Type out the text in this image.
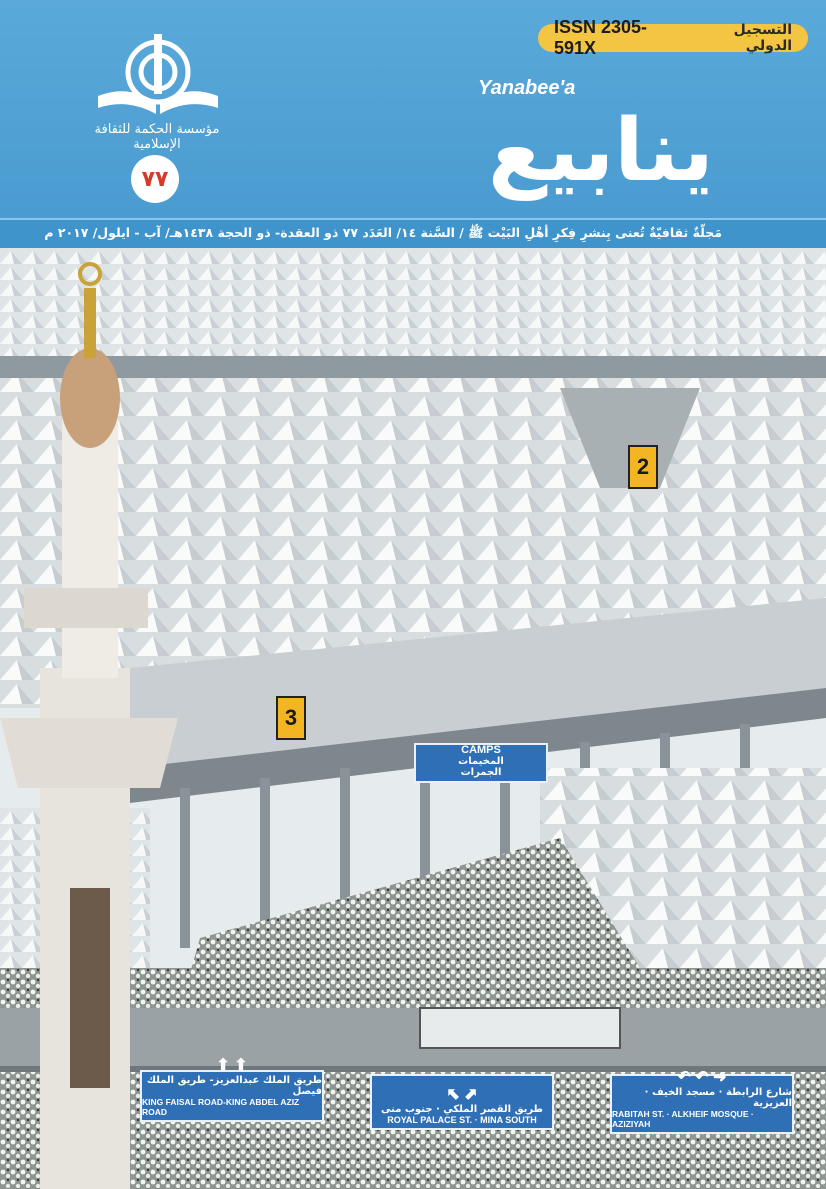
التسجيل الدولي
ISSN 2305-591X
مؤسسة الحكمة للثقافة الإسلامية
٧٧
Yanabee'a
ينابيع
مَجلّةٌ ثقافيّةٌ تُعنى بِنشرِ فِكرِ أهْلِ البَيْت ﷺ / السَّنة ١٤/ العَدَد ٧٧ ذو العقدة- ذو الحجة ١٤٣٨هـ/ آب - ايلول/ ٢٠١٧ م
2
3
CAMPS
المخيمات
الجمرات
⬆ ⬆
طريق الملك عبدالعزيز- طريق الملك فيصل
KING FAISAL ROAD-KING ABDEL AZIZ ROAD
⬉ ⬈
طريق القصر الملكي · جنوب منى
ROYAL PALACE ST. · MINA SOUTH
↶ ↶ ➜
شارع الرابطة · مسجد الخيف · العزيزية
RABITAH ST. · ALKHEIF MOSQUE · AZIZIYAH
